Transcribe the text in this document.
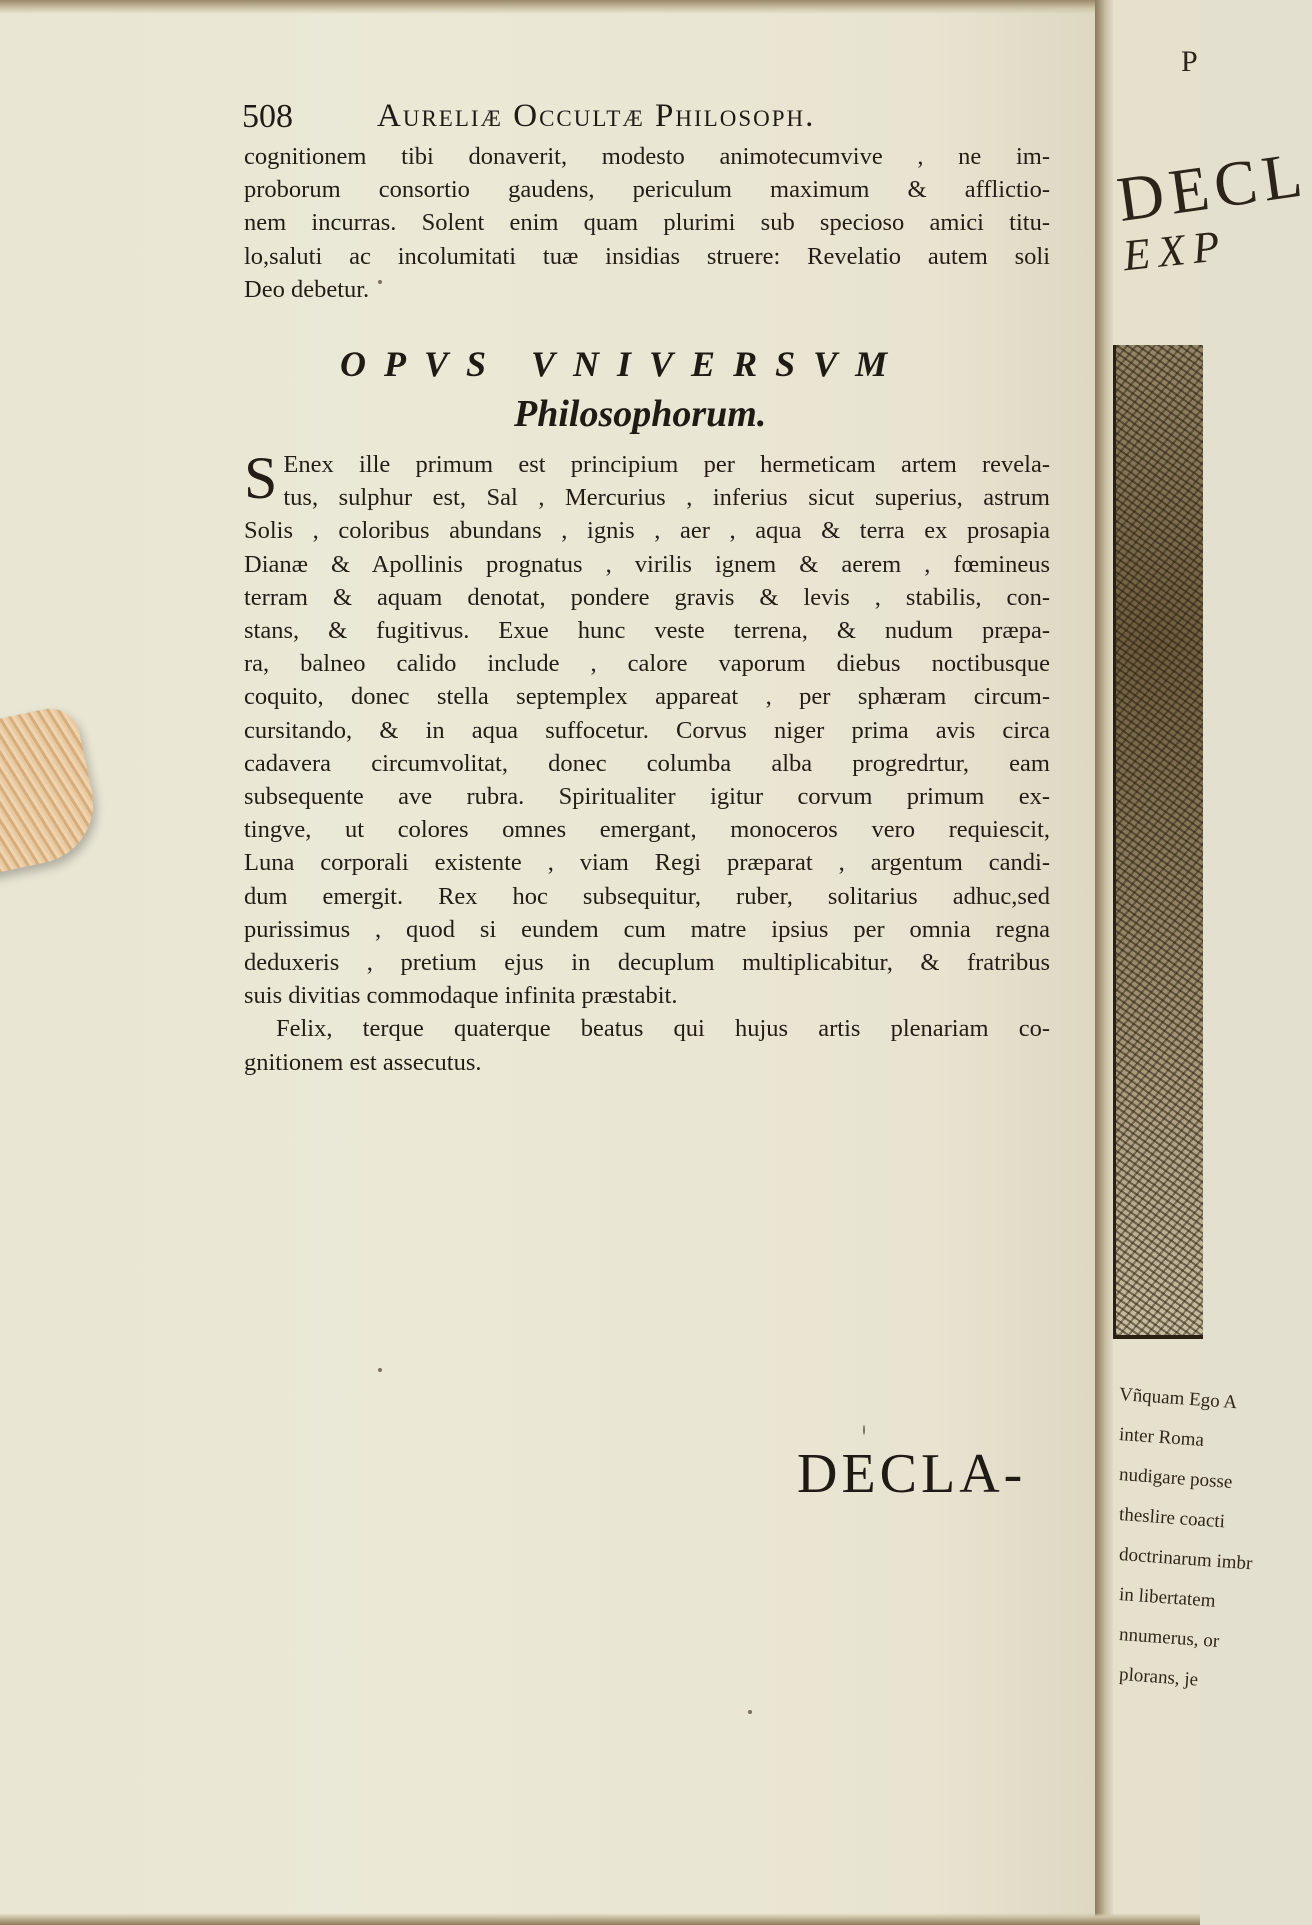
P
DECL
EXP
Vñquam Ego A
inter Roma
nudigare posse
theslire coacti
doctrinarum imbr
in libertatem
nnumerus, or
plorans, je
508	Aureliæ Occultæ Philosoph.
cognitionem tibi donaverit, modesto animotecumvive , ne im-
proborum consortio gaudens, periculum maximum & afflictio-
nem incurras. Solent enim quam plurimi sub specioso amici titu-
lo,saluti ac incolumitati tuæ insidias struere: Revelatio autem soli
Deo debetur.
OPVS VNIVERSVM
Philosophorum.
S Enex ille primum est principium per hermeticam artem revela-
tus, sulphur est, Sal , Mercurius , inferius sicut superius, astrum
Solis , coloribus abundans , ignis , aer , aqua & terra ex prosapia
Dianæ & Apollinis prognatus , virilis ignem & aerem , fœmineus
terram & aquam denotat, pondere gravis & levis , stabilis, con-
stans, & fugitivus. Exue hunc veste terrena, & nudum præpa-
ra, balneo calido include , calore vaporum diebus noctibusque
coquito, donec stella septemplex appareat , per sphæram circum-
cursitando, & in aqua suffocetur. Corvus niger prima avis circa
cadavera circumvolitat, donec columba alba progredrtur, eam
subsequente ave rubra. Spiritualiter igitur corvum primum ex-
tingve, ut colores omnes emergant, monoceros vero requiescit,
Luna corporali existente , viam Regi præparat , argentum candi-
dum emergit. Rex hoc subsequitur, ruber, solitarius adhuc,sed
purissimus , quod si eundem cum matre ipsius per omnia regna
deduxeris , pretium ejus in decuplum multiplicabitur, & fratribus
suis divitias commodaque infinita præstabit.
Felix, terque quaterque beatus qui hujus artis plenariam co-
gnitionem est assecutus.
DECLA-
